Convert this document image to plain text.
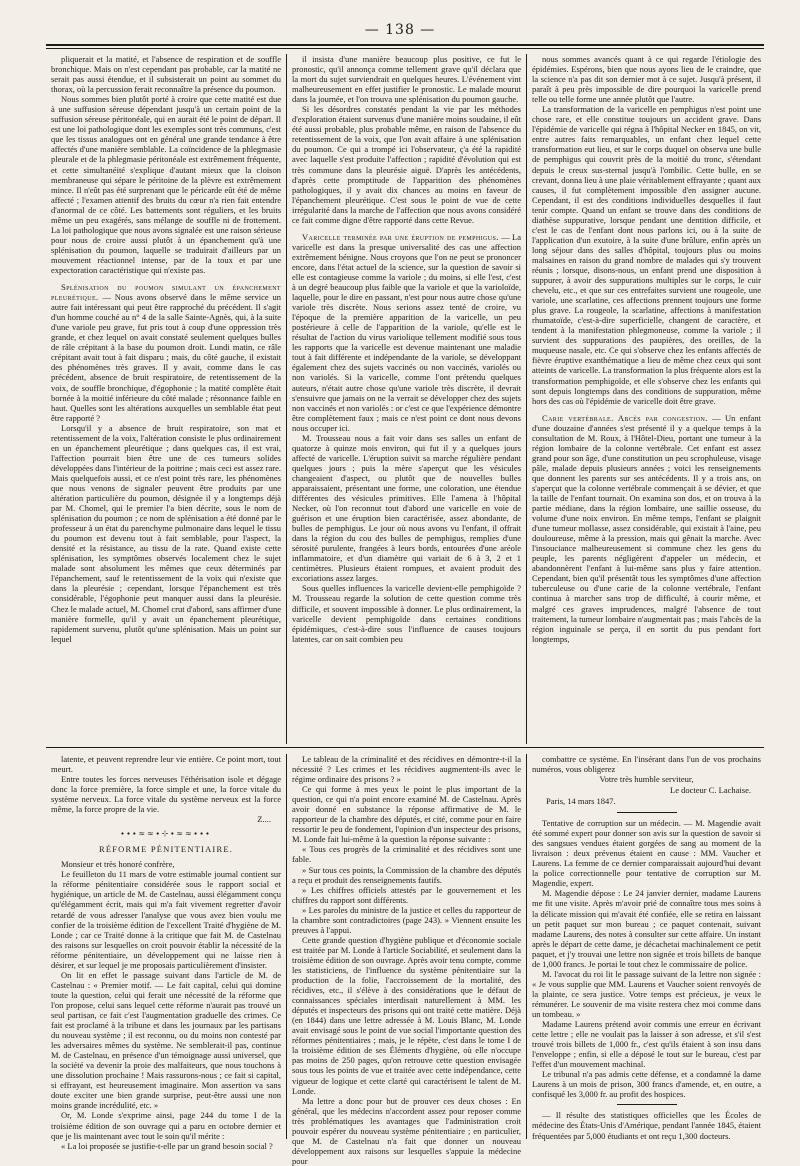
— 138 —

pliquerait et la matité, et l'absence de respiration et de souffle bronchique. Mais on n'est cependant pas probable, car la matité ne serait pas aussi étendue, et il subsisterait un point au sommet du thorax, où la percussion ferait reconnaître la présence du poumon.

Nous sommes bien plutôt porté à croire que cette matité est due à une suffusion séreuse dépendant jusqu'à un certain point de la suffusion séreuse péritonéale, qui en aurait été le point de départ. Il est une loi pathologique dont les exemples sont très communs, c'est que les tissus analogues ont en général une grande tendance à être affectés d'une manière semblable. La coïncidence de la phlegmasie pleurale et de la phlegmasie péritonéale est extrêmement fréquente, et cette simultanéité s'explique d'autant mieux que la cloison membraneuse qui sépare le péritoine de la plèvre est extrêmement mince. Il n'eût pas été surprenant que le péricarde eût été de même affecté ; l'examen attentif des bruits du cœur n'a rien fait entendre d'anormal de ce côté. Les battements sont réguliers, et les bruits même un peu exagérés, sans mélange de souffle ni de frottement. La loi pathologique que nous avons signalée est une raison sérieuse pour nous de croire aussi plutôt à un épanchement qu'à une splénisation du poumon, laquelle se traduirait d'ailleurs par un mouvement réactionnel intense, par de la toux et par une expectoration caractéristique qui n'existe pas.

Splénisation du poumon simulant un épanchement pleurétique. — Nous avons observé dans le même service un autre fait intéressant qui peut être rapproché du précédent. Il s'agit d'un homme couché au n° 4 de la salle Sainte-Agnès, qui, à la suite d'une variole peu grave, fut pris tout à coup d'une oppression très grande, et chez lequel on avait constaté seulement quelques bulles de râle crépitant à la base du poumon droit. Lundi matin, ce râle crépitant avait tout à fait disparu ; mais, du côté gauche, il existait des phénomènes très graves. Il y avait, comme dans le cas précédent, absence de bruit respiratoire, de retentissement de la voix, de souffle bronchique, d'égophonie ; la matité complète était bornée à la moitié inférieure du côté malade ; résonnance faible en haut. Quelles sont les altérations auxquelles un semblable état peut être rapporté ?

Lorsqu'il y a absence de bruit respiratoire, son mat et retentissement de la voix, l'altération consiste le plus ordinairement en un épanchement pleurétique ; dans quelques cas, il est vrai, l'affection pourrait bien être une de ces tumeurs solides développées dans l'intérieur de la poitrine ; mais ceci est assez rare. Mais quelquefois aussi, et ce n'est point très rare, les phénomènes que nous venons de signaler peuvent être produits par une altération particulière du poumon, désignée il y a longtemps déjà par M. Chomel, qui le premier l'a bien décrite, sous le nom de splénisation du poumon ; ce nom de splénisation a été donné par le professeur à un état du parenchyme pulmonaire dans lequel le tissu du poumon est devenu tout à fait semblable, pour l'aspect, la densité et la résistance, au tissu de la rate. Quand existe cette splénisation, les symptômes observés localement chez le sujet malade sont absolument les mêmes que ceux déterminés par l'épanchement, sauf le retentissement de la voix qui n'existe que dans la pleurésie ; cependant, lorsque l'épanchement est très considérable, l'égophonie peut manquer aussi dans la pleurésie. Chez le malade actuel, M. Chomel crut d'abord, sans affirmer d'une manière formelle, qu'il y avait un épanchement pleurétique, rapidement survenu, plutôt qu'une splénisation. Mais un point sur lequel

il insista d'une manière beaucoup plus positive, ce fut le pronostic, qu'il annonça comme tellement grave qu'il déclara que la mort du sujet surviendrait en quelques heures. L'événement vint malheureusement en effet justifier le pronostic. Le malade mourut dans la journée, et l'on trouva une splénisation du poumon gauche.

Si les désordres constatés pendant la vie par les méthodes d'exploration étaient survenus d'une manière moins soudaine, il eût été aussi probable, plus probable même, en raison de l'absence du retentissement de la voix, que l'on avait affaire à une splénisation du poumon. Ce qui a trompé ici l'observateur, ç'a été la rapidité avec laquelle s'est produite l'affection ; rapidité d'évolution qui est très commune dans la pleurésie aiguë. D'après les antécédents, d'après cette promptitude de l'apparition des phénomènes pathologiques, il y avait dix chances au moins en faveur de l'épanchement pleurétique. C'est sous le point de vue de cette irrégularité dans la marche de l'affection que nous avons considéré ce fait comme digne d'être rapporté dans cette Revue.

Varicelle terminée par une éruption de pemphigus. — La varicelle est dans la presque universalité des cas une affection extrêmement bénigne. Nous croyons que l'on ne peut se prononcer encore, dans l'état actuel de la science, sur la question de savoir si elle est contagieuse comme la variole ; du moins, si elle l'est, c'est à un degré beaucoup plus faible que la variole et que la varioloïde, laquelle, pour le dire en passant, n'est pour nous autre chose qu'une variole très discrète. Nous serions assez tenté de croire, vu l'époque de la première apparition de la varicelle, un peu postérieure à celle de l'apparition de la variole, qu'elle est le résultat de l'action du virus variolique tellement modifié sous tous les rapports que la varicelle est devenue maintenant une maladie tout à fait différente et indépendante de la variole, se développant également chez des sujets vaccinés ou non vaccinés, variolés ou non variolés. Si la varicelle, comme l'ont prétendu quelques auteurs, n'était autre chose qu'une variole très discrète, il devrait s'ensuivre que jamais on ne la verrait se développer chez des sujets non vaccinés et non variolés : or c'est ce que l'expérience démontre être complètement faux ; mais ce n'est point ce dont nous devons nous occuper ici.

M. Trousseau nous a fait voir dans ses salles un enfant de quatorze à quinze mois environ, qui fut il y a quelques jours affecté de varicelle. L'éruption suivit sa marche régulière pendant quelques jours ; puis la mère s'aperçut que les vésicules changeaient d'aspect, ou plutôt que de nouvelles bulles apparaissaient, présentant une forme, une coloration, une étendue différentes des vésicules primitives. Elle l'amena à l'hôpital Necker, où l'on reconnut tout d'abord une varicelle en voie de guérison et une éruption bien caractérisée, assez abondante, de bulles de pemphigus. Le jour où nous avons vu l'enfant, il offrait dans la région du cou des bulles de pemphigus, remplies d'une sérosité purulente, frangées à leurs bords, entourées d'une aréole inflammatoire, et d'un diamètre qui variait de 6 à 3, 2 et 1 centimètres. Plusieurs étaient rompues, et avaient produit des excoriations assez larges.

Sous quelles influences la varicelle devient-elle pemphigoïde ? M. Trousseau regarde la solution de cette question comme très difficile, et souvent impossible à donner. Le plus ordinairement, la varicelle devient pemphigoïde dans certaines conditions épidémiques, c'est-à-dire sous l'influence de causes toujours latentes, car on sait combien peu

nous sommes avancés quant à ce qui regarde l'étiologie des épidémies. Espérons, bien que nous ayons lieu de le craindre, que la science n'a pas dit son dernier mot à ce sujet. Jusqu'à présent, il paraît à peu près impossible de dire pourquoi la varicelle prend telle ou telle forme une année plutôt que l'autre.

La transformation de la varicelle en pemphigus n'est point une chose rare, et elle constitue toujours un accident grave. Dans l'épidémie de varicelle qui régna à l'hôpital Necker en 1845, on vit, entre autres faits remarquables, un enfant chez lequel cette transformation eut lieu, et sur le corps duquel on observa une bulle de pemphigus qui couvrit près de la moitié du tronc, s'étendant depuis le creux sus-sternal jusqu'à l'ombilic. Cette bulle, en se crevant, donna lieu à une plaie véritablement effrayante ; quant aux causes, il fut complètement impossible d'en assigner aucune. Cependant, il est des conditions individuelles desquelles il faut tenir compte. Quand un enfant se trouve dans des conditions de diathèse suppurative, lorsque pendant une dentition difficile, et c'est le cas de l'enfant dont nous parlons ici, ou à la suite de l'application d'un exutoire, à la suite d'une brûlure, enfin après un long séjour dans des salles d'hôpital, toujours plus ou moins malsaines en raison du grand nombre de malades qui s'y trouvent réunis ; lorsque, disons-nous, un enfant prend une disposition à suppurer, à avoir des suppurations multiples sur le corps, le cuir chevelu, etc., et que sur ces entrefaites survient une rougeole, une variole, une scarlatine, ces affections prennent toujours une forme plus grave. La rougeole, la scarlatine, affections à manifestation rhumatoïde, c'est-à-dire superficielle, changent de caractère, et tendent à la manifestation phlegmoneuse, comme la variole ; il survient des suppurations des paupières, des oreilles, de la muqueuse nasale, etc. Ce qui s'observe chez les enfants affectés de fièvre éruptive exanthématique a lieu de même chez ceux qui sont atteints de varicelle. La transformation la plus fréquente alors est la transformation pemphigoïde, et elle s'observe chez les enfants qui sont depuis longtemps dans des conditions de suppuration, même hors des cas où l'épidémie de varicelle doit être grave.

Carie vertébrale. Abcès par congestion. — Un enfant d'une douzaine d'années s'est présenté il y a quelque temps à la consultation de M. Roux, à l'Hôtel-Dieu, portant une tumeur à la région lombaire de la colonne vertébrale. Cet enfant est assez grand pour son âge, d'une constitution un peu scrophuleuse, visage pâle, malade depuis plusieurs années ; voici les renseignements que donnent les parents sur ses antécédents. Il y a trois ans, on s'aperçut que la colonne vertébrale commençait à se dévier, et que la taille de l'enfant tournait. On examina son dos, et on trouva à la partie médiane, dans la région lombaire, une saillie osseuse, du volume d'une noix environ. En même temps, l'enfant se plaignit d'une tumeur mollasse, assez considérable, qui existait à l'aine, peu douloureuse, même à la pression, mais qui gênait la marche. Avec l'insouciance malheureusement si commune chez les gens du peuple, les parents négligèrent d'appeler un médecin, et abandonnèrent l'enfant à lui-même sans plus y faire attention. Cependant, bien qu'il présentât tous les symptômes d'une affection tuberculeuse ou d'une carie de la colonne vertébrale, l'enfant continua à marcher sans trop de difficulté, à courir même, et malgré ces graves imprudences, malgré l'absence de tout traitement, la tumeur lombaire n'augmentait pas ; mais l'abcès de la région inguinale se perça, il en sortit du pus pendant fort longtemps,

latente, et peuvent reprendre leur vie entière. Ce point mort, tout meurt.

Entre toutes les forces nerveuses l'éthérisation isole et dégage donc la force première, la force simple et une, la force vitale du système nerveux. La force vitale du système nerveux est la force même, la force propre de la vie.

Z....
∙∙∙≈≈∙⊹∙≈≈∙∙∙
RÉFORME PÉNITENTIAIRE.

Monsieur et très honoré confrère,

Le feuilleton du 11 mars de votre estimable journal contient sur la réforme pénitentiaire considérée sous le rapport social et hygiénique, un article de M. de Castelnau, aussi élégamment conçu qu'élégamment écrit, mais qui m'a fait vivement regretter d'avoir retardé de vous adresser l'analyse que vous avez bien voulu me confier de la troisième édition de l'excellent Traité d'hygiène de M. Londe ; car ce Traité donne à la critique que fait M. de Castelnau des raisons sur lesquelles on croit pouvoir établir la nécessité de la réforme pénitentiaire, un développement qui ne laisse rien à désirer, et sur lequel je me proposais particulièrement d'insister.

On lit en effet le passage suivant dans l'article de M. de Castelnau : « Premier motif. — Le fait capital, celui qui domine toute la question, celui qui ferait une nécessité de la réforme que l'on propose, celui sans lequel cette réforme n'aurait pas trouvé un seul partisan, ce fait c'est l'augmentation graduelle des crimes. Ce fait est proclamé à la tribune et dans les journaux par les partisans du nouveau système ; il est reconnu, ou du moins non contesté par les adversaires mêmes du système. Ne semblerait-il pas, continue M. de Castelnau, en présence d'un témoignage aussi universel, que la société va devenir la proie des malfaiteurs, que nous touchons à une dissolution prochaine ! Mais rassurons-nous ; ce fait si capital, si effrayant, est heureusement imaginaire. Mon assertion va sans doute exciter une bien grande surprise, peut-être aussi une non moins grande incrédulité, etc. »

Or, M. Londe s'exprime ainsi, page 244 du tome I de la troisième édition de son ouvrage qui a paru en octobre dernier et que je lis maintenant avec tout le soin qu'il mérite :

« La loi proposée se justifie-t-elle par un grand besoin social ?

Le tableau de la criminalité et des récidives en démontre-t-il la nécessité ? Les crimes et les récidives augmentent-ils avec le régime ordinaire des prisons ? »

Ce qui forme à mes yeux le point le plus important de la question, ce qui n'a point encore examiné M. de Castelnau. Après avoir donné en substance la réponse affirmative de M. le rapporteur de la chambre des députés, et cité, comme pour en faire ressortir le peu de fondement, l'opinion d'un inspecteur des prisons, M. Londe fait lui-même à la question la réponse suivante :

« Tous ces progrès de la criminalité et des récidives sont une fable.

» Sur tous ces points, la Commission de la chambre des députés a reçu et produit des renseignements fautifs.

» Les chiffres officiels attestés par le gouvernement et les chiffres du rapport sont différents.

» Les paroles du ministre de la justice et celles du rapporteur de la chambre sont contradictoires (page 243). » Viennent ensuite les preuves à l'appui.

Cette grande question d'hygiène publique et d'économie sociale est traitée par M. Londe à l'article Sociabilité, et seulement dans la troisième édition de son ouvrage. Après avoir tenu compte, comme les statisticiens, de l'influence du système pénitentiaire sur la production de la folie, l'accroissement de la mortalité, des récidives, etc., il s'élève à des considérations que le défaut de connaissances spéciales interdisait naturellement à MM. les députés et inspecteurs des prisons qui ont traité cette matière. Déjà (en 1844) dans une lettre adressée à M. Louis Blanc, M. Londe avait envisagé sous le point de vue social l'importante question des réformes pénitentiaires ; mais, je le répète, c'est dans le tome I de la troisième édition de ses Éléments d'hygiène, où elle n'occupe pas moins de 250 pages, qu'on retrouve cette question envisagée sous tous les points de vue et traitée avec cette indépendance, cette vigueur de logique et cette clarté qui caractérisent le talent de M. Londe.

Ma lettre a donc pour but de prouver ces deux choses : En général, que les médecins n'accordent assez pour reposer comme très problématiques les avantages que l'administration croit pouvoir espérer du nouveau système pénitentiaire ; en particulier, que M. de Castelnau n'a fait que donner un nouveau développement aux raisons sur lesquelles s'appuie la médecine pour

combattre ce système. En l'insérant dans l'un de vos prochains numéros, vous obligerez

Votre très humble serviteur,
Le docteur C. Lachaise.
Paris, 14 mars 1847.

Tentative de corruption sur un médecin. — M. Magendie avait été sommé expert pour donner son avis sur la question de savoir si des sangsues vendues étaient gorgées de sang au moment de la livraison : deux prévenus étaient en cause : MM. Vaucher et Laurens. La femme de ce dernier comparaissait aujourd'hui devant la police correctionnelle pour tentative de corruption sur M. Magendie, expert.

M. Magendie dépose : Le 24 janvier dernier, madame Laurens me fit une visite. Après m'avoir prié de connaître tous mes soins à la délicate mission qui m'avait été confiée, elle se retira en laissant un petit paquet sur mon bureau ; ce paquet contenait, suivant madame Laurens, des notes à consulter sur cette affaire. Un instant après le départ de cette dame, je décachetai machinalement ce petit paquet, et j'y trouvai une lettre non signée et trois billets de banque de 1,000 francs. Je portai le tout chez le commissaire de police.

M. l'avocat du roi lit le passage suivant de la lettre non signée : « Je vous supplie que MM. Laurens et Vaucher soient renvoyés de la plainte, ce sera justice. Votre temps est précieux, je veux le rémunérer. Le souvenir de ma visite restera chez moi comme dans un tombeau. »

Madame Laurens prétend avoir commis une erreur en écrivant cette lettre ; elle ne voulait pas la laisser à son adresse, et s'il s'est trouvé trois billets de 1,000 fr., c'est qu'ils étaient à son insu dans l'enveloppe ; enfin, si elle a déposé le tout sur le bureau, c'est par l'effet d'un mouvement machinal.

Le tribunal n'a pas admis cette défense, et a condamné la dame Laurens à un mois de prison, 300 francs d'amende, et, en outre, a confisqué les 3,000 fr. au profit des hospices.

— Il résulte des statistiques officielles que les Écoles de médecine des États-Unis d'Amérique, pendant l'année 1845, étaient fréquentées par 5,000 étudiants et ont reçu 1,300 docteurs.
